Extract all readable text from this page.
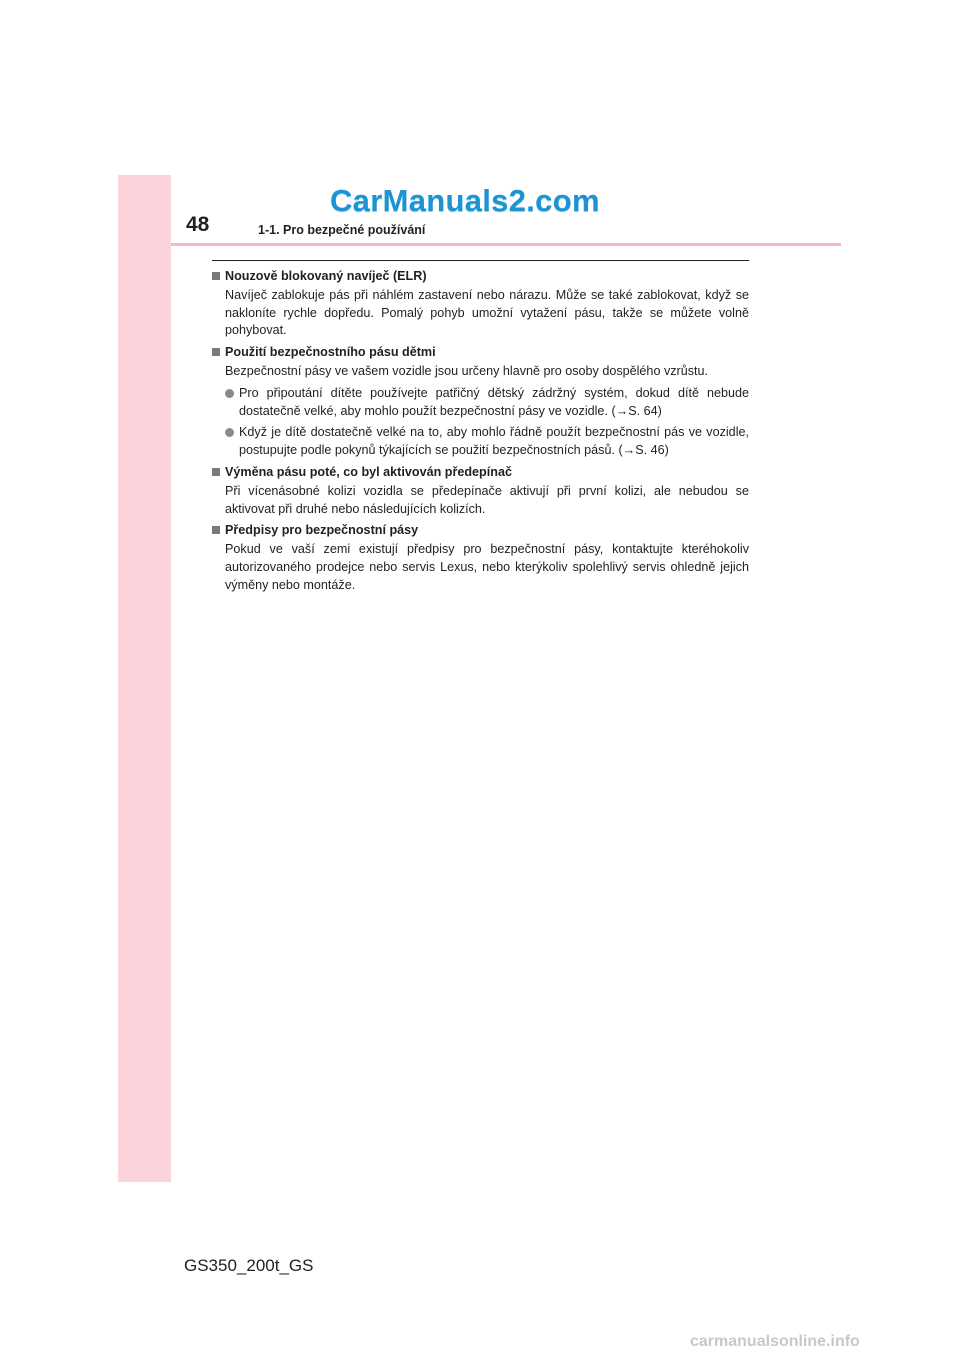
48	1-1. Pro bezpečné používání
CarManuals2.com
Nouzově blokovaný navíječ (ELR)
Navíječ zablokuje pás při náhlém zastavení nebo nárazu. Může se také zablokovat, když se nakloníte rychle dopředu. Pomalý pohyb umožní vytažení pásu, takže se můžete volně pohybovat.
Použití bezpečnostního pásu dětmi
Bezpečnostní pásy ve vašem vozidle jsou určeny hlavně pro osoby dospělého vzrůstu.
Pro připoutání dítěte používejte patřičný dětský zádržný systém, dokud dítě nebude dostatečně velké, aby mohlo použít bezpečnostní pásy ve vozidle. (→S. 64)
Když je dítě dostatečně velké na to, aby mohlo řádně použít bezpečnostní pás ve vozidle, postupujte podle pokynů týkajících se použití bezpečnostních pásů. (→S. 46)
Výměna pásu poté, co byl aktivován předepínač
Při vícenásobné kolizi vozidla se předepínače aktivují při první kolizi, ale nebudou se aktivovat při druhé nebo následujících kolizích.
Předpisy pro bezpečnostní pásy
Pokud ve vaší zemi existují předpisy pro bezpečnostní pásy, kontaktujte kteréhokoliv autorizovaného prodejce nebo servis Lexus, nebo kterýkoliv spolehlivý servis ohledně jejich výměny nebo montáže.
GS350_200t_GS
carmanualsonline.info
